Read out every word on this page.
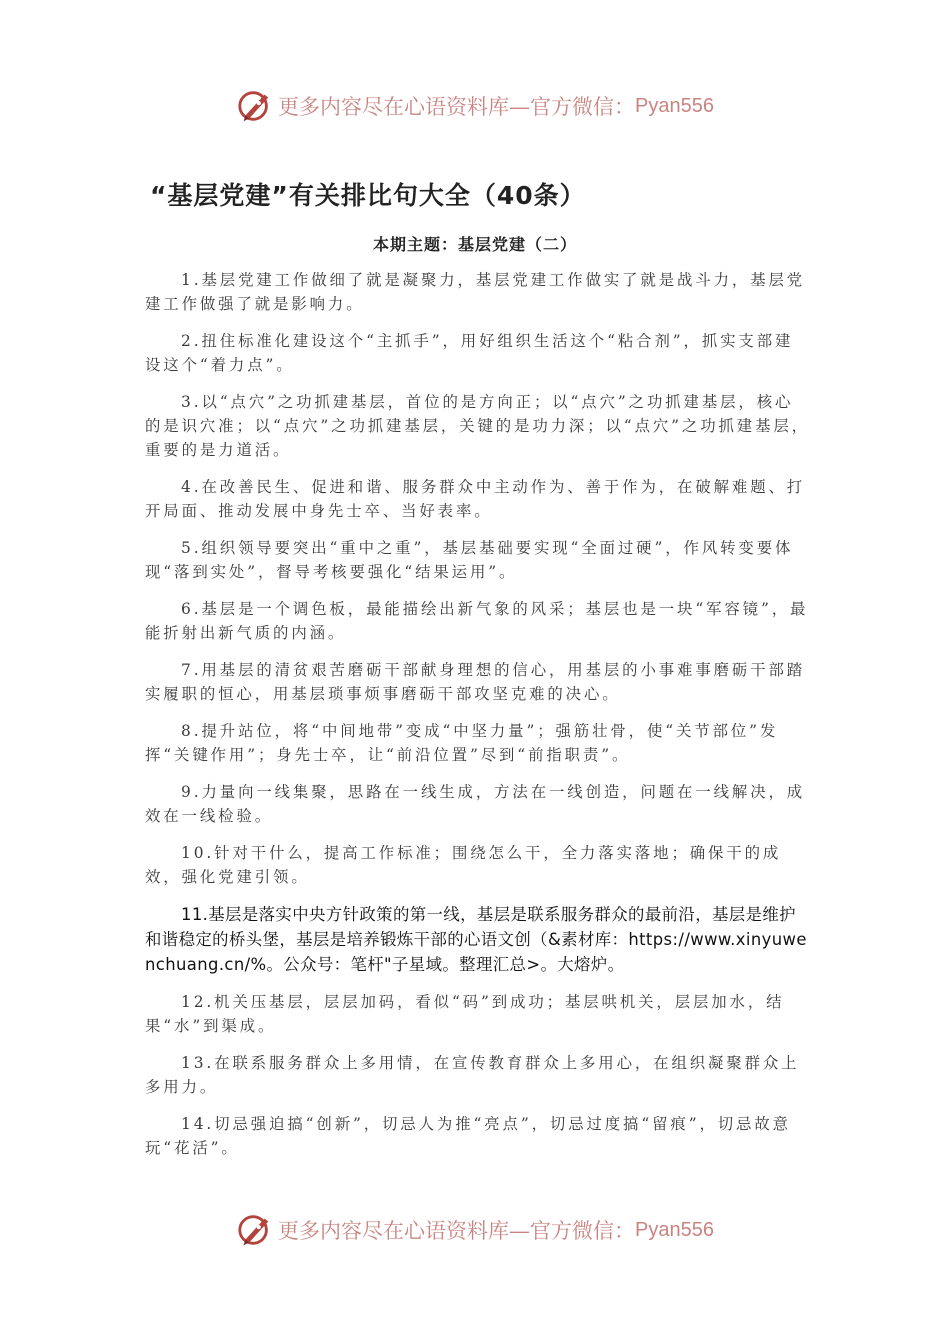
更多内容尽在心语资料库—官方微信： Pyan556
“基层党建”有关排比句大全（40条）
本期主题：基层党建（二）

1.基层党建工作做细了就是凝聚力，基层党建工作做实了就是战斗力，基层党建工作做强了就是影响力。

2.扭住标准化建设这个“主抓手”，用好组织生活这个“粘合剂”，抓实支部建设这个“着力点”。

3.以“点穴”之功抓建基层，首位的是方向正；以“点穴”之功抓建基层，核心的是识穴准；以“点穴”之功抓建基层，关键的是功力深；以“点穴”之功抓建基层，重要的是力道活。

4.在改善民生、促进和谐、服务群众中主动作为、善于作为，在破解难题、打开局面、推动发展中身先士卒、当好表率。

5.组织领导要突出“重中之重”，基层基础要实现“全面过硬”，作风转变要体现“落到实处”，督导考核要强化“结果运用”。

6.基层是一个调色板，最能描绘出新气象的风采；基层也是一块“军容镜”，最能折射出新气质的内涵。

7.用基层的清贫艰苦磨砺干部献身理想的信心，用基层的小事难事磨砺干部踏实履职的恒心，用基层琐事烦事磨砺干部攻坚克难的决心。

8.提升站位，将“中间地带”变成“中坚力量”；强筋壮骨，使“关节部位”发挥“关键作用”；身先士卒，让“前沿位置”尽到“前指职责”。

9.力量向一线集聚，思路在一线生成，方法在一线创造，问题在一线解决，成效在一线检验。

10.针对干什么，提高工作标准；围绕怎么干，全力落实落地；确保干的成效，强化党建引领。

11.基层是落实中央方针政策的第一线，基层是联系服务群众的最前沿，基层是维护和谐稳定的桥头堡，基层是培养锻炼干部的心语文创（&素材库：https://www.xinyuwenchuang.cn/%。公众号：笔杆"子星域。整理汇总>。大熔炉。

12.机关压基层，层层加码，看似“码”到成功；基层哄机关，层层加水，结果“水”到渠成。

13.在联系服务群众上多用情，在宣传教育群众上多用心，在组织凝聚群众上多用力。

14.切忌强迫搞“创新”，切忌人为推“亮点”，切忌过度搞“留痕”，切忌故意玩“花活”。

更多内容尽在心语资料库—官方微信： Pyan556
